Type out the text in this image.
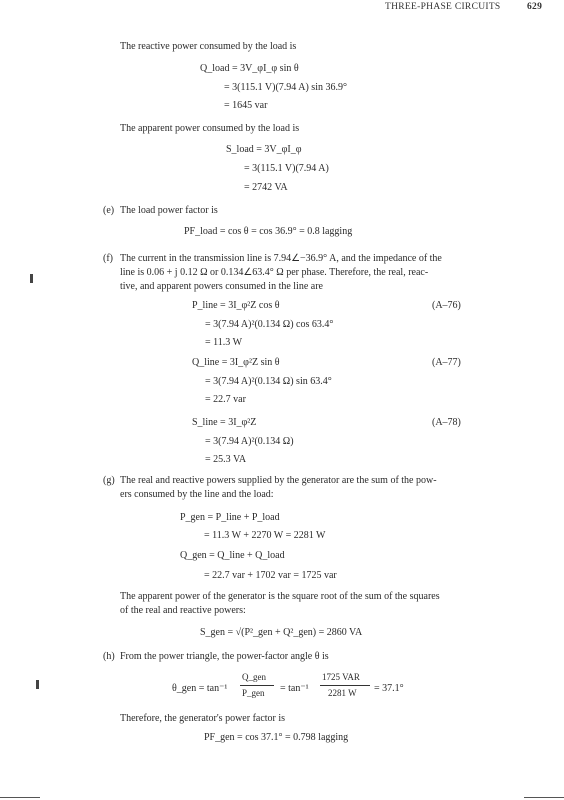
THREE-PHASE CIRCUITS	629
The reactive power consumed by the load is
Q_load = 3V_φI_φ sin θ
= 3(115.1 V)(7.94 A) sin 36.9°
= 1645 var
The apparent power consumed by the load is
S_load = 3V_φI_φ
= 3(115.1 V)(7.94 A)
= 2742 VA
(e) The load power factor is
PF_load = cos θ = cos 36.9° = 0.8 lagging
(f) The current in the transmission line is 7.94∠−36.9° A, and the impedance of the
line is 0.06 + j 0.12 Ω or 0.134∠63.4° Ω per phase. Therefore, the real, reac-
tive, and apparent powers consumed in the line are
P_line = 3I_φ²Z cos θ	(A–76)
= 3(7.94 A)²(0.134 Ω) cos 63.4°
= 11.3 W
Q_line = 3I_φ²Z sin θ	(A–77)
= 3(7.94 A)²(0.134 Ω) sin 63.4°
= 22.7 var
S_line = 3I_φ²Z	(A–78)
= 3(7.94 A)²(0.134 Ω)
= 25.3 VA
(g) The real and reactive powers supplied by the generator are the sum of the pow-
ers consumed by the line and the load:
P_gen = P_line + P_load
= 11.3 W + 2270 W = 2281 W
Q_gen = Q_line + Q_load
= 22.7 var + 1702 var = 1725 var
The apparent power of the generator is the square root of the sum of the squares
of the real and reactive powers:
S_gen = √(P²_gen + Q²_gen) = 2860 VA
(h) From the power triangle, the power-factor angle θ is
θ_gen = tan⁻¹
Q_gen
P_gen = tan⁻¹
1725 VAR
2281 W = 37.1°
Therefore, the generator's power factor is
PF_gen = cos 37.1° = 0.798 lagging
